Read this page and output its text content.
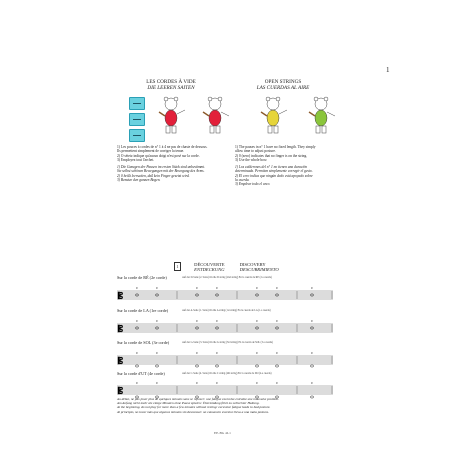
1
LES CORDES À VIDE
DIE LEEREN SAITEN
OPEN STRINGS
LAS CUERDAS AL AIRE
1) Les pouces à cordes de n° 1 à 4 ne pas de chaste de dessous.
Ils permettent simplement de corriger la tenue.
2) O séteiz indique qu'aucun doigt n'est posé sur la corde.
3) Employez tout l'archet.
1) Die Ganzgen der Pausen im ersten Stück sind unbestimmt.
Sie selbst schönen Bewegungen mit der Bewegung des Arms.
2) 0 heißt leersaiten, daß kein Finger gesetzt wird.
3) Benutze den ganzen Bogen.
1) The pauses in n° 1 have no fixed length. They simply
allow time to adjust posture.
2) 0 (zero) indicates that no finger is on the string.
3) Use the whole bow.
1) Los calderones del n° 1 no tienen una duración
determinada. Permiten simplemente corregir el gesto.
2) El cero indica que ningún dedo está apoyado sobre
la cuerda.
3) Emplear todo el arco.
1	DÉCOUVERTE
ENTDECKUNG DISCOVERY
DESCUBRIMIENTO
Sur la corde de RÉ (2e corde)	Auf der D-Saite (2. Saite) On the D string (2nd string) En la cuerda de RE (2.a cuerda)
𝄡
0	0	0	0	0	0	0
Sur la corde de LA (1re corde)	Auf der A-Saite (1. Saite) On the A string (1st string) En la cuerda de LA (1.a cuerda)
𝄡
0	0	0	0	0	0	0
Sur la corde de SOL (3e corde)	Auf der G-Saite (3. Saite) On the G string (3rd string) En la cuerda de SOL (3.a cuerda)
𝄡
0	0	0	0	0	0	0
Sur la corde d'UT (4e corde)	Auf der C-Saite (4. Saite) On the C string (4th string) En la cuerda de DO (4.a cuerda)
𝄡
0	0	0	0	0	0	0
Au début, ne pas jouer plus de quelques minutes sans se reposer: une fatigue excessive entraîne une mauvaise position.
Am Anfang nicht mehr als einige Minuten ohne Pause spielen: Übermüdung führt zu schlechter Haltung.
At the beginning, do not play for more than a few minutes without resting: excessive fatigue leads to bad posture.
Al principio, no tocar más que algunos minutos sin descansar: un cansancio excesivo lleva a una mala postura.
EE-BG 4L1
